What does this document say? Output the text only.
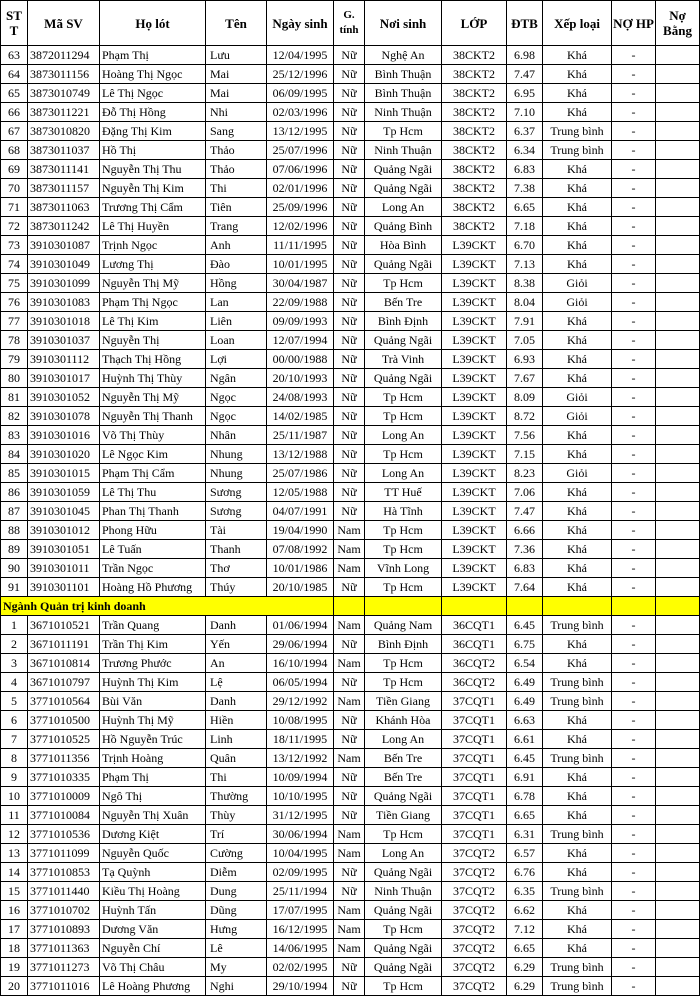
ST T	Mã SV	Họ lót	Tên	Ngày sinh	G. tính	Nơi sinh	LỚP	ĐTB	Xếp loại	NỢ HP	Nợ Bằng
63	3872011294	Phạm Thị	Lưu	12/04/1995	Nữ	Nghệ An	38CKT2	6.98	Khá	-	
64	3873011156	Hoàng Thị Ngọc	Mai	25/12/1996	Nữ	Bình Thuận	38CKT2	7.47	Khá	-	
65	3873010749	Lê Thị Ngọc	Mai	06/09/1995	Nữ	Bình Thuận	38CKT2	6.95	Khá	-	
66	3873011221	Đỗ Thị Hồng	Nhi	02/03/1996	Nữ	Ninh Thuận	38CKT2	7.10	Khá	-	
67	3873010820	Đặng Thị Kim	Sang	13/12/1995	Nữ	Tp Hcm	38CKT2	6.37	Trung bình	-	
68	3873011037	Hồ Thị	Thảo	25/07/1996	Nữ	Ninh Thuận	38CKT2	6.34	Trung bình	-	
69	3873011141	Nguyễn Thị Thu	Thảo	07/06/1996	Nữ	Quảng Ngãi	38CKT2	6.83	Khá	-	
70	3873011157	Nguyễn Thị Kim	Thi	02/01/1996	Nữ	Quảng Ngãi	38CKT2	7.38	Khá	-	
71	3873011063	Trương Thị Cẩm	Tiên	25/09/1996	Nữ	Long An	38CKT2	6.65	Khá	-	
72	3873011242	Lê Thị Huyền	Trang	12/02/1996	Nữ	Quảng Bình	38CKT2	7.18	Khá	-	
73	3910301087	Trịnh Ngọc	Anh	11/11/1995	Nữ	Hòa Bình	L39CKT	6.70	Khá	-	
74	3910301049	Lương Thị	Đào	10/01/1995	Nữ	Quảng Ngãi	L39CKT	7.13	Khá	-	
75	3910301099	Nguyễn Thị Mỹ	Hồng	30/04/1987	Nữ	Tp Hcm	L39CKT	8.38	Giỏi	-	
76	3910301083	Phạm Thị Ngọc	Lan	22/09/1988	Nữ	Bến Tre	L39CKT	8.04	Giỏi	-	
77	3910301018	Lê Thị Kim	Liên	09/09/1993	Nữ	Bình Định	L39CKT	7.91	Khá	-	
78	3910301037	Nguyễn Thị	Loan	12/07/1994	Nữ	Quảng Ngãi	L39CKT	7.05	Khá	-	
79	3910301112	Thạch Thị Hồng	Lợi	00/00/1988	Nữ	Trà Vinh	L39CKT	6.93	Khá	-	
80	3910301017	Huỳnh Thị Thùy	Ngân	20/10/1993	Nữ	Quảng Ngãi	L39CKT	7.67	Khá	-	
81	3910301052	Nguyễn Thị Mỹ	Ngọc	24/08/1993	Nữ	Tp Hcm	L39CKT	8.09	Giỏi	-	
82	3910301078	Nguyễn Thị Thanh	Ngọc	14/02/1985	Nữ	Tp Hcm	L39CKT	8.72	Giỏi	-	
83	3910301016	Võ Thị Thùy	Nhân	25/11/1987	Nữ	Long An	L39CKT	7.56	Khá	-	
84	3910301020	Lê Ngọc Kim	Nhung	13/12/1988	Nữ	Tp Hcm	L39CKT	7.15	Khá	-	
85	3910301015	Phạm Thị Cẩm	Nhung	25/07/1986	Nữ	Long An	L39CKT	8.23	Giỏi	-	
86	3910301059	Lê Thị Thu	Sương	12/05/1988	Nữ	TT Huế	L39CKT	7.06	Khá	-	
87	3910301045	Phan Thị Thanh	Sương	04/07/1991	Nữ	Hà Tĩnh	L39CKT	7.47	Khá	-	
88	3910301012	Phong Hữu	Tài	19/04/1990	Nam	Tp Hcm	L39CKT	6.66	Khá	-	
89	3910301051	Lê Tuấn	Thanh	07/08/1992	Nam	Tp Hcm	L39CKT	7.36	Khá	-	
90	3910301011	Trần Ngọc	Thơ	10/01/1986	Nam	Vĩnh Long	L39CKT	6.83	Khá	-	
91	3910301101	Hoàng Hồ Phương	Thúy	20/10/1985	Nữ	Tp Hcm	L39CKT	7.64	Khá	-	
Ngành Quản trị kinh doanh											
1	3671010521	Trần Quang	Danh	01/06/1994	Nam	Quảng Nam	36CQT1	6.45	Trung bình	-	
2	3671011191	Trần Thị Kim	Yến	29/06/1994	Nữ	Bình Định	36CQT1	6.75	Khá	-	
3	3671010814	Trương Phước	An	16/10/1994	Nam	Tp Hcm	36CQT2	6.54	Khá	-	
4	3671010797	Huỳnh Thị Kim	Lệ	06/05/1994	Nữ	Tp Hcm	36CQT2	6.49	Trung bình	-	
5	3771010564	Bùi Văn	Danh	29/12/1992	Nam	Tiền Giang	37CQT1	6.49	Trung bình	-	
6	3771010500	Huỳnh Thị Mỹ	Hiền	10/08/1995	Nữ	Khánh Hòa	37CQT1	6.63	Khá	-	
7	3771010525	Hồ Nguyễn Trúc	Linh	18/11/1995	Nữ	Long An	37CQT1	6.61	Khá	-	
8	3771011356	Trịnh Hoàng	Quân	13/12/1992	Nam	Bến Tre	37CQT1	6.45	Trung bình	-	
9	3771010335	Phạm Thị	Thi	10/09/1994	Nữ	Bến Tre	37CQT1	6.91	Khá	-	
10	3771010009	Ngô Thị	Thường	10/10/1995	Nữ	Quảng Ngãi	37CQT1	6.78	Khá	-	
11	3771010084	Nguyễn Thị Xuân	Thùy	31/12/1995	Nữ	Tiền Giang	37CQT1	6.65	Khá	-	
12	3771010536	Dương Kiệt	Trí	30/06/1994	Nam	Tp Hcm	37CQT1	6.31	Trung bình	-	
13	3771011099	Nguyễn Quốc	Cường	10/04/1995	Nam	Long An	37CQT2	6.57	Khá	-	
14	3771010853	Tạ Quỳnh	Diễm	02/09/1995	Nữ	Quảng Ngãi	37CQT2	6.76	Khá	-	
15	3771011440	Kiều Thị Hoàng	Dung	25/11/1994	Nữ	Ninh Thuận	37CQT2	6.35	Trung bình	-	
16	3771010702	Huỳnh Tấn	Dũng	17/07/1995	Nam	Quảng Ngãi	37CQT2	6.62	Khá	-	
17	3771010893	Dương Văn	Hưng	16/12/1995	Nam	Tp Hcm	37CQT2	7.12	Khá	-	
18	3771011363	Nguyễn Chí	Lê	14/06/1995	Nam	Quảng Ngãi	37CQT2	6.65	Khá	-	
19	3771011273	Võ Thị Châu	My	02/02/1995	Nữ	Quảng Ngãi	37CQT2	6.29	Trung bình	-	
20	3771011016	Lê Hoàng Phương	Nghi	29/10/1994	Nữ	Tp Hcm	37CQT2	6.29	Trung bình	-	
